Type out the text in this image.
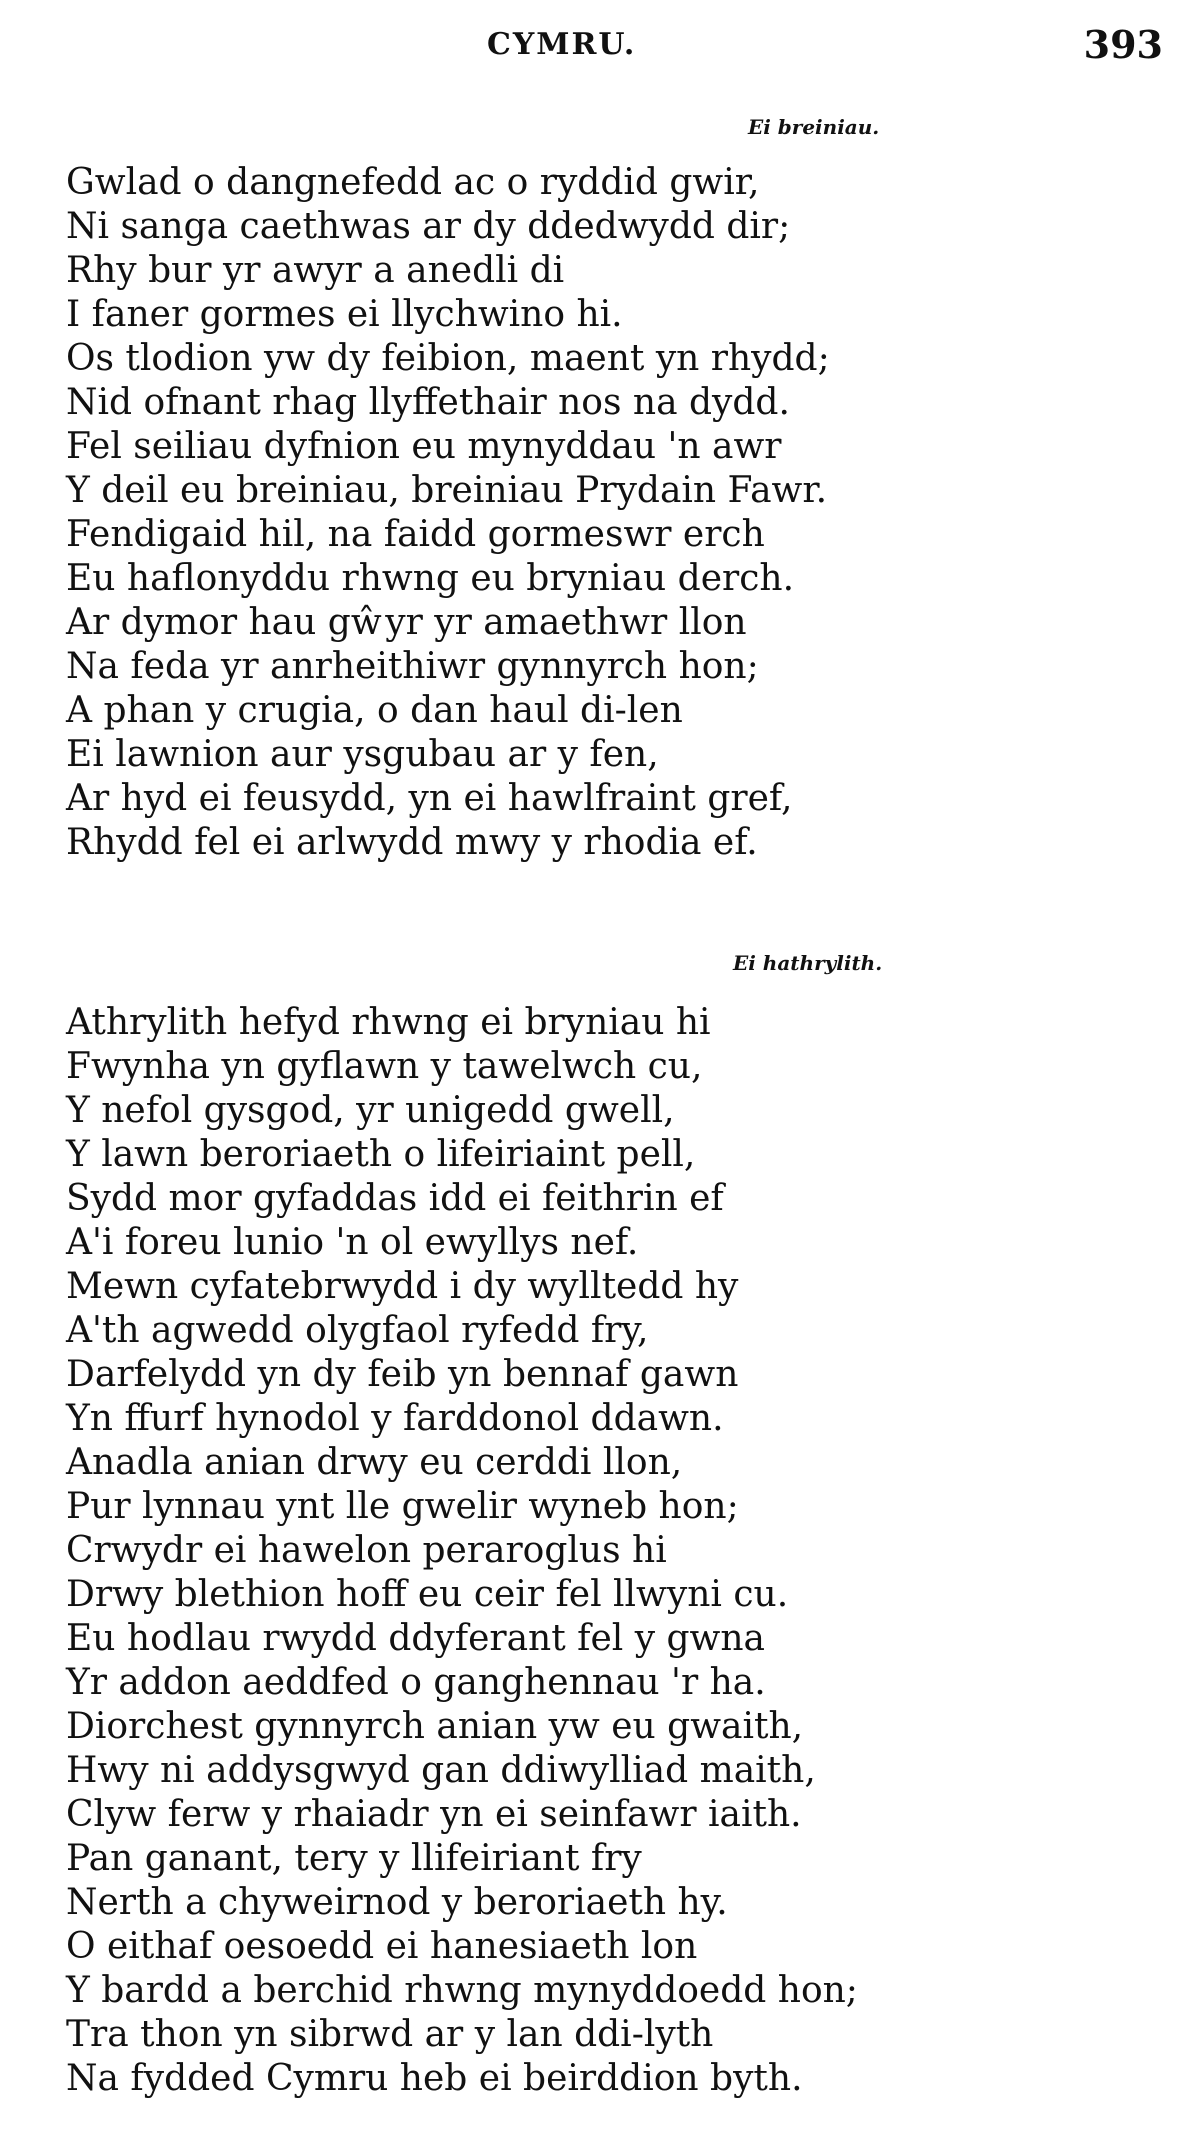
CYMRU.	393
Ei breiniau.
Gwlad o dangnefedd ac o ryddid gwir,
Ni sanga caethwas ar dy ddedwydd dir;
Rhy bur yr awyr a anedli di
I faner gormes ei llychwino hi.
Os tlodion yw dy feibion, maent yn rhydd;
Nid ofnant rhag llyffethair nos na dydd.
Fel seiliau dyfnion eu mynyddau 'n awr
Y deil eu breiniau, breiniau Prydain Fawr.
Fendigaid hil, na faidd gormeswr erch
Eu haflonyddu rhwng eu bryniau derch.
Ar dymor hau gŵyr yr amaethwr llon
Na feda yr anrheithiwr gynnyrch hon;
A phan y crugia, o dan haul di-len
Ei lawnion aur ysgubau ar y fen,
Ar hyd ei feusydd, yn ei hawlfraint gref,
Rhydd fel ei arlwydd mwy y rhodia ef.
Ei hathrylith.
Athrylith hefyd rhwng ei bryniau hi
Fwynha yn gyflawn y tawelwch cu,
Y nefol gysgod, yr unigedd gwell,
Y lawn beroriaeth o lifeiriaint pell,
Sydd mor gyfaddas idd ei feithrin ef
A'i foreu lunio 'n ol ewyllys nef.
Mewn cyfatebrwydd i dy wylltedd hy
A'th agwedd olygfaol ryfedd fry,
Darfelydd yn dy feib yn bennaf gawn
Yn ffurf hynodol y farddonol ddawn.
Anadla anian drwy eu cerddi llon,
Pur lynnau ynt lle gwelir wyneb hon;
Crwydr ei hawelon peraroglus hi
Drwy blethion hoff eu ceir fel llwyni cu.
Eu hodlau rwydd ddyferant fel y gwna
Yr addon aeddfed o ganghennau 'r ha.
Diorchest gynnyrch anian yw eu gwaith,
Hwy ni addysgwyd gan ddiwylliad maith,
Clyw ferw y rhaiadr yn ei seinfawr iaith.
Pan ganant, tery y llifeiriant fry
Nerth a chyweirnod y beroriaeth hy.
O eithaf oesoedd ei hanesiaeth lon
Y bardd a berchid rhwng mynyddoedd hon;
Tra thon yn sibrwd ar y lan ddi-lyth
Na fydded Cymru heb ei beirddion byth.
